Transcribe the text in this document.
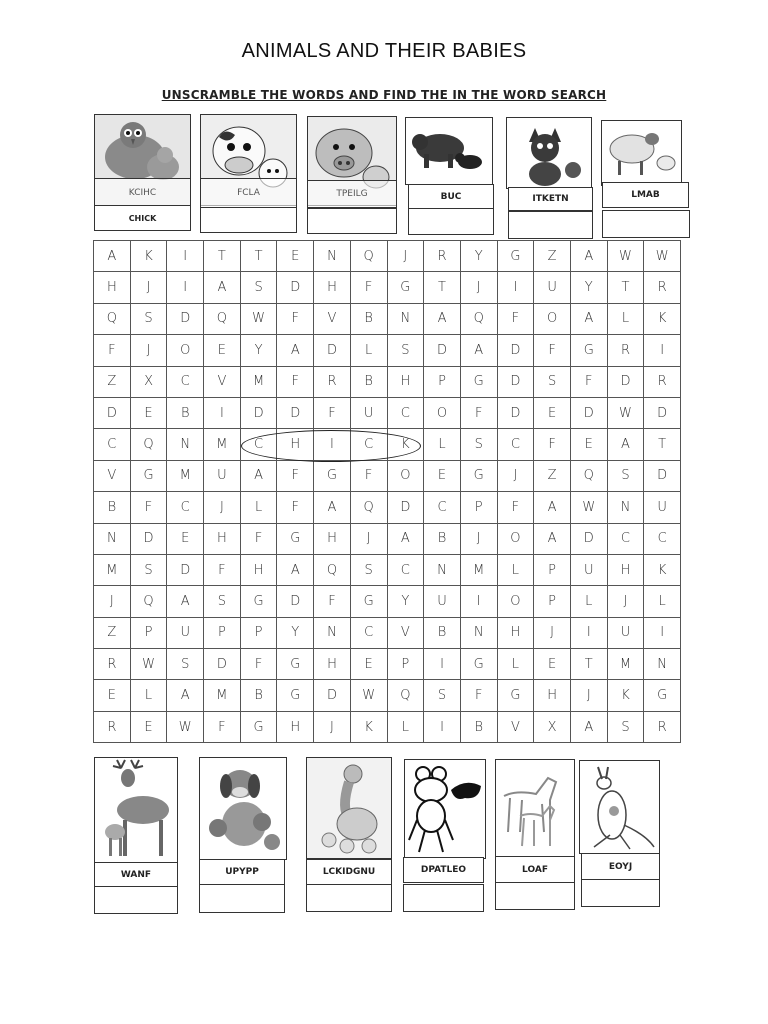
ANIMALS AND THEIR BABIES
UNSCRAMBLE THE WORDS AND FIND THE IN THE WORD SEARCH
KCIHC
CHICK
FCLA	TPEILG	BUC	ITKETN	LMAB
A	K	I	T	T	E	N	Q	J	R	Y	G	Z	A	W	W
H	J	I	A	S	D	H	F	G	T	J	I	U	Y	T	R
Q	S	D	Q	W	F	V	B	N	A	Q	F	O	A	L	K
F	J	O	E	Y	A	D	L	S	D	A	D	F	G	R	I
Z	X	C	V	M	F	R	B	H	P	G	D	S	F	D	R
D	E	B	I	D	D	F	U	C	O	F	D	E	D	W	D
C	Q	N	M	C	H	I	C	K	L	S	C	F	E	A	T
V	G	M	U	A	F	G	F	O	E	G	J	Z	Q	S	D
B	F	C	J	L	F	A	Q	D	C	P	F	A	W	N	U
N	D	E	H	F	G	H	J	A	B	J	O	A	D	C	C
M	S	D	F	H	A	Q	S	C	N	M	L	P	U	H	K
J	Q	A	S	G	D	F	G	Y	U	I	O	P	L	J	L
Z	P	U	P	P	Y	N	C	V	B	N	H	J	I	U	I
R	W	S	D	F	G	H	E	P	I	G	L	E	T	M	N
E	L	A	M	B	G	D	W	Q	S	F	G	H	J	K	G
R	E	W	F	G	H	J	K	L	I	B	V	X	A	S	R
WANF	UPYPP	LCKIDGNU	DPATLEO	LOAF	EOYJ
